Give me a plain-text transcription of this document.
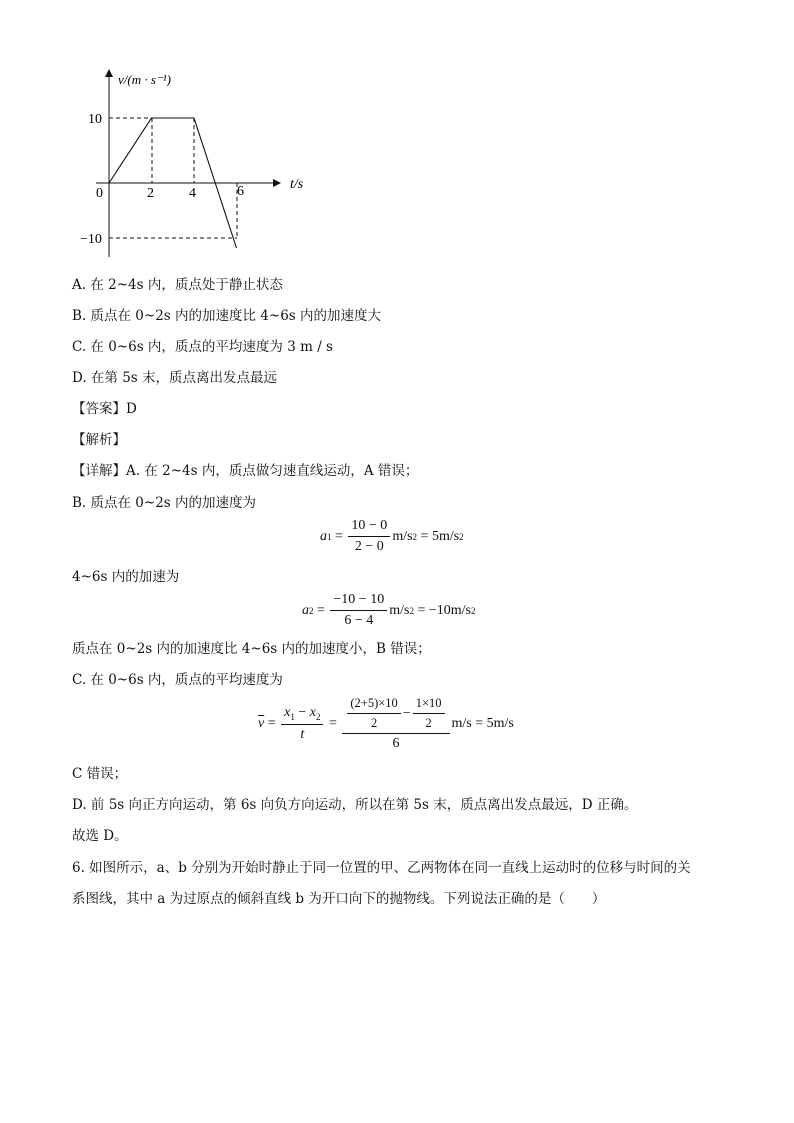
v/(m · s⁻¹)
t/s
10
−10
0	2	4	6
A. 在 2~4s 内，质点处于静止状态
B. 质点在 0~2s 内的加速度比 4~6s 内的加速度大
C. 在 0~6s 内，质点的平均速度为 3 m / s
D. 在第 5s 末，质点离出发点最远
【答案】D
【解析】
【详解】A. 在 2~4s 内，质点做匀速直线运动，A 错误；
B. 质点在 0~2s 内的加速度为
a $1 = \frac{10 - 0}{2 - 0} m/s$ 2
= 5m/s 2
4~6s 内的加速为
a $2 = \frac{-10 - 10}{6 - 4} m/s$ 2
= −10m/s 2
质点在 0~2s 内的加速度比 4~6s 内的加速度小，B 错误；
C. 在 0~6s 内，质点的平均速度为
$\overline{v} = \frac{x_1 - x_2}{t} = \frac{(2+5)\times 10}{2} - \frac{1\times 10}{2}$
6
m/s = 5m/s
C 错误；
D. 前 5s 向正方向运动，第 6s 向负方向运动，所以在第 5s 末，质点离出发点最远，D 正确。
故选 D。
6. 如图所示，a、b 分别为开始时静止于同一位置的甲、乙两物体在同一直线上运动时的位移与时间的关
系图线，其中 a 为过原点的倾斜直线 b 为开口向下的抛物线。下列说法正确的是（　　）
